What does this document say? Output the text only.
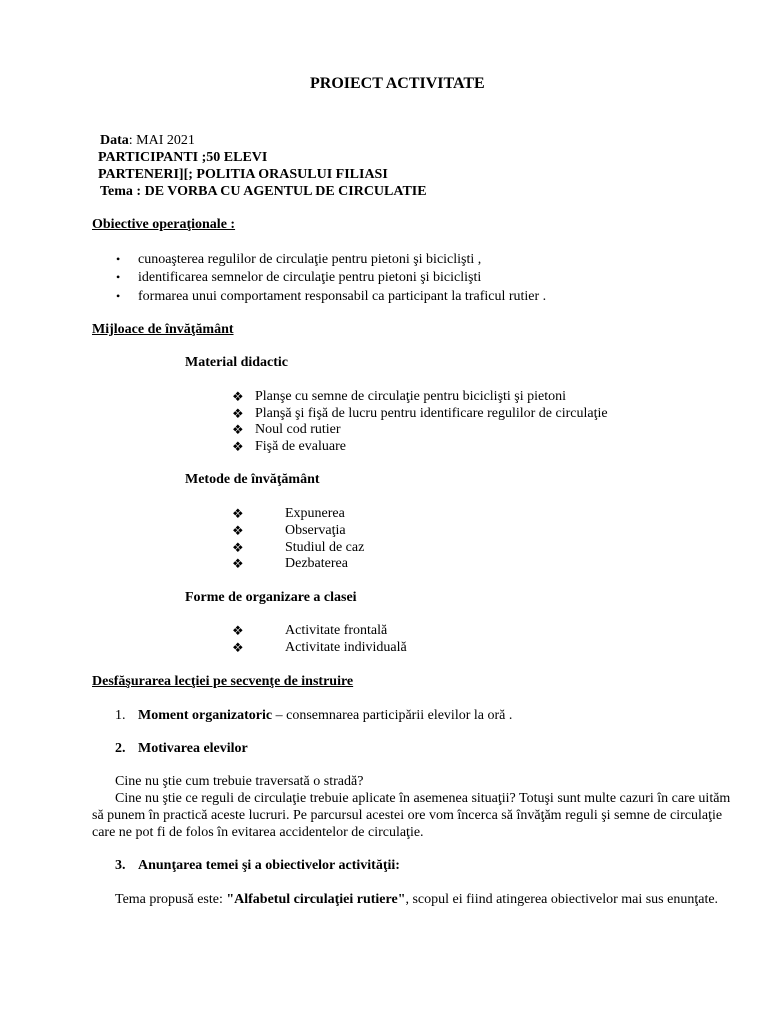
PROIECT ACTIVITATE
Data: MAI 2021
PARTICIPANTI ;50 ELEVI
PARTENERI][; POLITIA ORASULUI FILIASI
Tema : DE VORBA CU AGENTUL DE CIRCULATIE
Obiective operaţionale :
• cunoaşterea regulilor de circulaţie pentru pietoni şi biciclişti ,
• identificarea semnelor de circulaţie pentru pietoni şi biciclişti
• formarea unui comportament responsabil ca participant la traficul rutier .
Mijloace de învăţământ
Material didactic
❖ Planşe cu semne de circulaţie pentru biciclişti şi pietoni
❖ Planşă şi fişă de lucru pentru identificare regulilor de circulaţie
❖ Noul cod rutier
❖ Fişă de evaluare
Metode de învăţământ
❖	Expunerea
❖	Observaţia
❖	Studiul de caz
❖	Dezbaterea
Forme de organizare a clasei
❖	Activitate frontală
❖	Activitate individuală
Desfăşurarea lecţiei pe secvenţe de instruire
1. Moment organizatoric – consemnarea participării elevilor la oră .
2. Motivarea elevilor
Cine nu ştie cum trebuie traversată o stradă?
Cine nu ştie ce reguli de circulaţie trebuie aplicate în asemenea situaţii? Totuşi sunt multe cazuri în care uităm să punem în practică aceste lucruri. Pe parcursul acestei ore vom încerca să învăţăm reguli şi semne de circulaţie care ne pot fi de folos în evitarea accidentelor de circulaţie.
3. Anunţarea temei şi a obiectivelor activităţii:
Tema propusă este: "Alfabetul circulaţiei rutiere", scopul ei fiind atingerea obiectivelor mai sus enunţate.
